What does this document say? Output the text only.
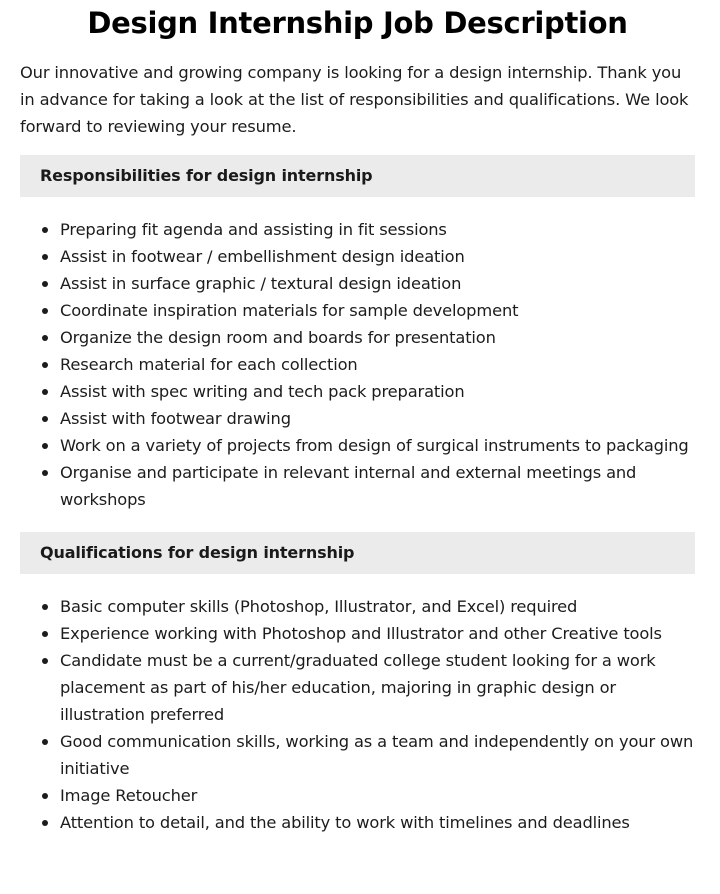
Design Internship Job Description

Our innovative and growing company is looking for a design internship. Thank you in advance for taking a look at the list of responsibilities and qualifications. We look forward to reviewing your resume.

Responsibilities for design internship
Preparing fit agenda and assisting in fit sessions
Assist in footwear / embellishment design ideation
Assist in surface graphic / textural design ideation
Coordinate inspiration materials for sample development
Organize the design room and boards for presentation
Research material for each collection
Assist with spec writing and tech pack preparation
Assist with footwear drawing
Work on a variety of projects from design of surgical instruments to packaging
Organise and participate in relevant internal and external meetings and workshops
Qualifications for design internship
Basic computer skills (Photoshop, Illustrator, and Excel) required
Experience working with Photoshop and Illustrator and other Creative tools
Candidate must be a current/graduated college student looking for a work placement as part of his/her education, majoring in graphic design or illustration preferred
Good communication skills, working as a team and independently on your own initiative
Image Retoucher
Attention to detail, and the ability to work with timelines and deadlines
